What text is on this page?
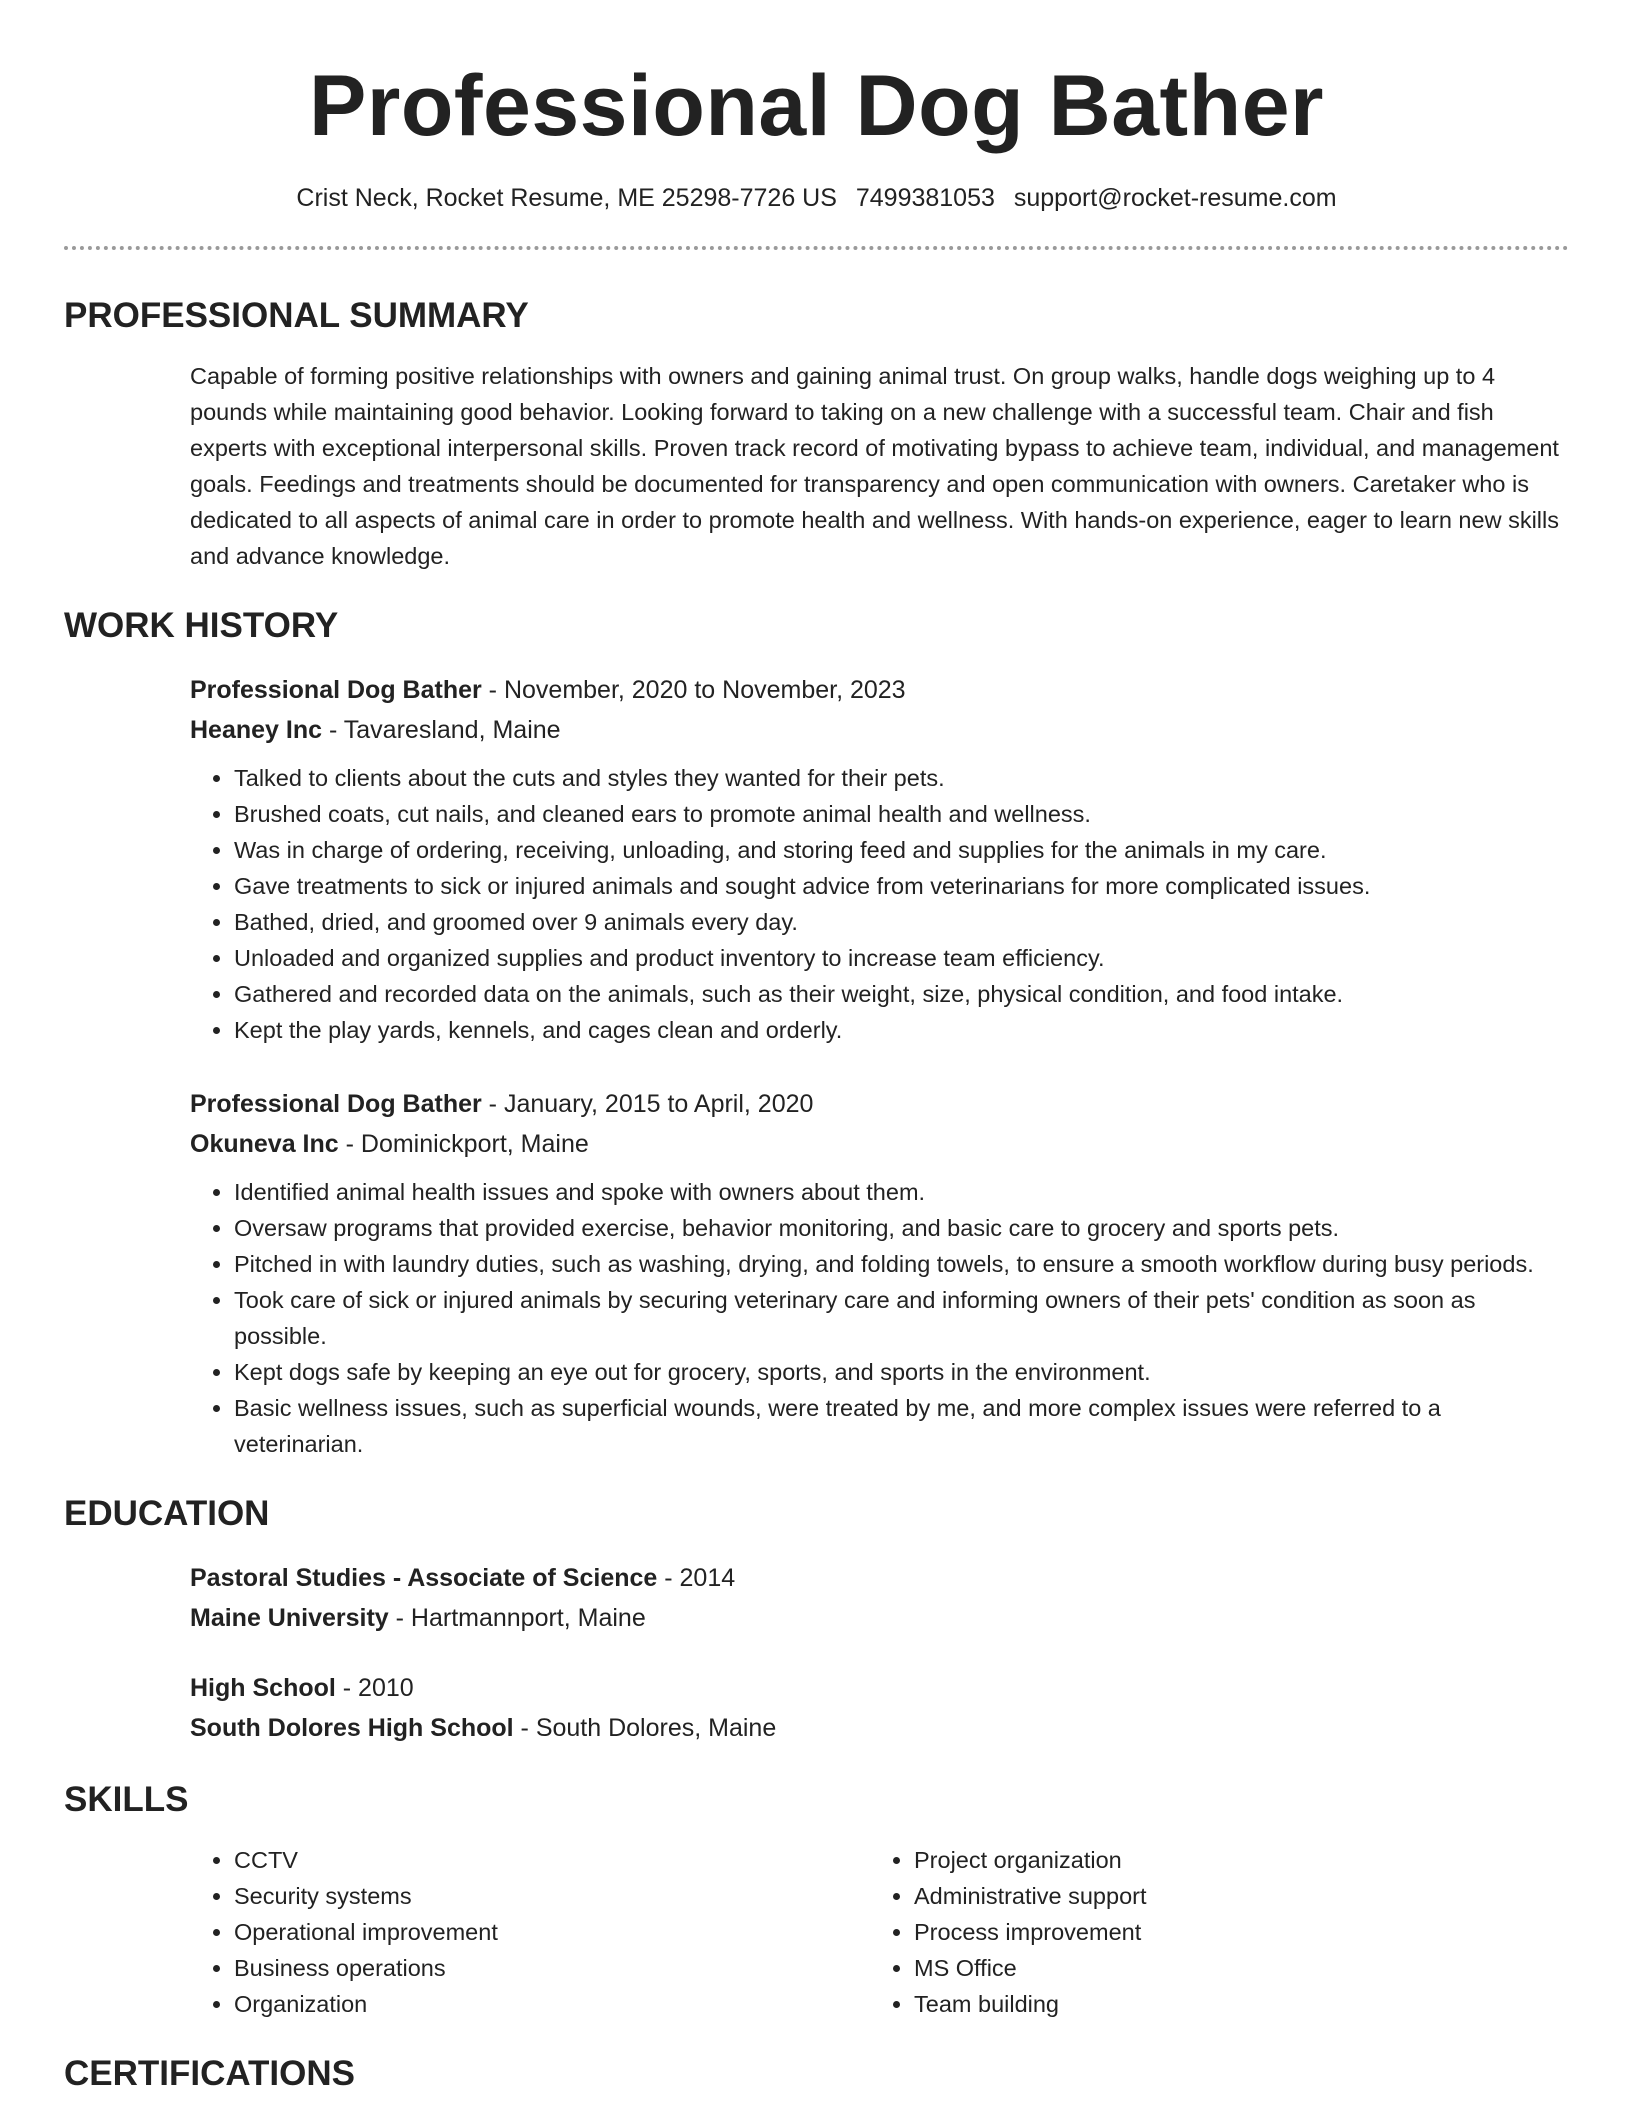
Professional Dog Bather
Crist Neck, Rocket Resume, ME 25298-7726 US 7499381053 support@rocket-resume.com
PROFESSIONAL SUMMARY

Capable of forming positive relationships with owners and gaining animal trust. On group walks, handle dogs weighing up to 4 pounds while maintaining good behavior. Looking forward to taking on a new challenge with a successful team. Chair and fish experts with exceptional interpersonal skills. Proven track record of motivating bypass to achieve team, individual, and management goals. Feedings and treatments should be documented for transparency and open communication with owners. Caretaker who is dedicated to all aspects of animal care in order to promote health and wellness. With hands-on experience, eager to learn new skills and advance knowledge.

WORK HISTORY
Professional Dog Bather - November, 2020 to November, 2023
Heaney Inc - Tavaresland, Maine
• Talked to clients about the cuts and styles they wanted for their pets.
• Brushed coats, cut nails, and cleaned ears to promote animal health and wellness.
• Was in charge of ordering, receiving, unloading, and storing feed and supplies for the animals in my care.
• Gave treatments to sick or injured animals and sought advice from veterinarians for more complicated issues.
• Bathed, dried, and groomed over 9 animals every day.
• Unloaded and organized supplies and product inventory to increase team efficiency.
• Gathered and recorded data on the animals, such as their weight, size, physical condition, and food intake.
• Kept the play yards, kennels, and cages clean and orderly.
Professional Dog Bather - January, 2015 to April, 2020
Okuneva Inc - Dominickport, Maine
• Identified animal health issues and spoke with owners about them.
• Oversaw programs that provided exercise, behavior monitoring, and basic care to grocery and sports pets.
• Pitched in with laundry duties, such as washing, drying, and folding towels, to ensure a smooth workflow during busy periods.
• Took care of sick or injured animals by securing veterinary care and informing owners of their pets' condition as soon as possible.
• Kept dogs safe by keeping an eye out for grocery, sports, and sports in the environment.
• Basic wellness issues, such as superficial wounds, were treated by me, and more complex issues were referred to a veterinarian.
EDUCATION
Pastoral Studies - Associate of Science - 2014
Maine University - Hartmannport, Maine
High School - 2010
South Dolores High School - South Dolores, Maine
SKILLS
• CCTV
• Security systems
• Operational improvement
• Business operations
• Organization
• Project organization
• Administrative support
• Process improvement
• MS Office
• Team building
CERTIFICATIONS
